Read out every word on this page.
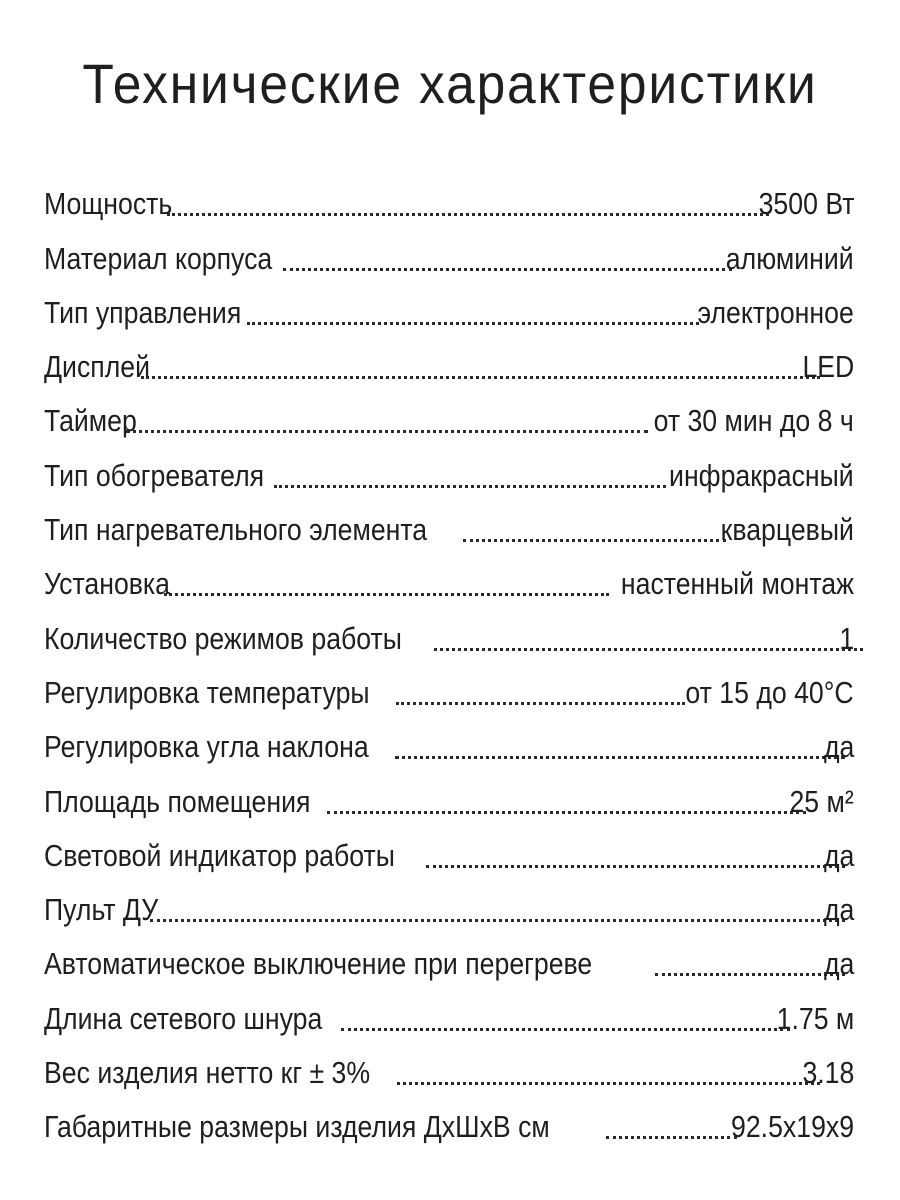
Технические характеристики
Мощность	3500 Вт
Материал корпуса	алюминий
Тип управления	электронное
Дисплей	LED
Таймер	от 30 мин до 8 ч
Тип обогревателя	инфракрасный
Тип нагревательного элемента	кварцевый
Установка	настенный монтаж
Количество режимов работы	1
Регулировка температуры	от 15 до 40°С
Регулировка угла наклона	да
Площадь помещения	25 м²
Световой индикатор работы	да
Пульт ДУ	да
Автоматическое выключение при перегреве	да
Длина сетевого шнура	1.75 м
Вес изделия нетто кг ± 3%	3.18
Габаритные размеры изделия ДхШхВ см	92.5x19x9
